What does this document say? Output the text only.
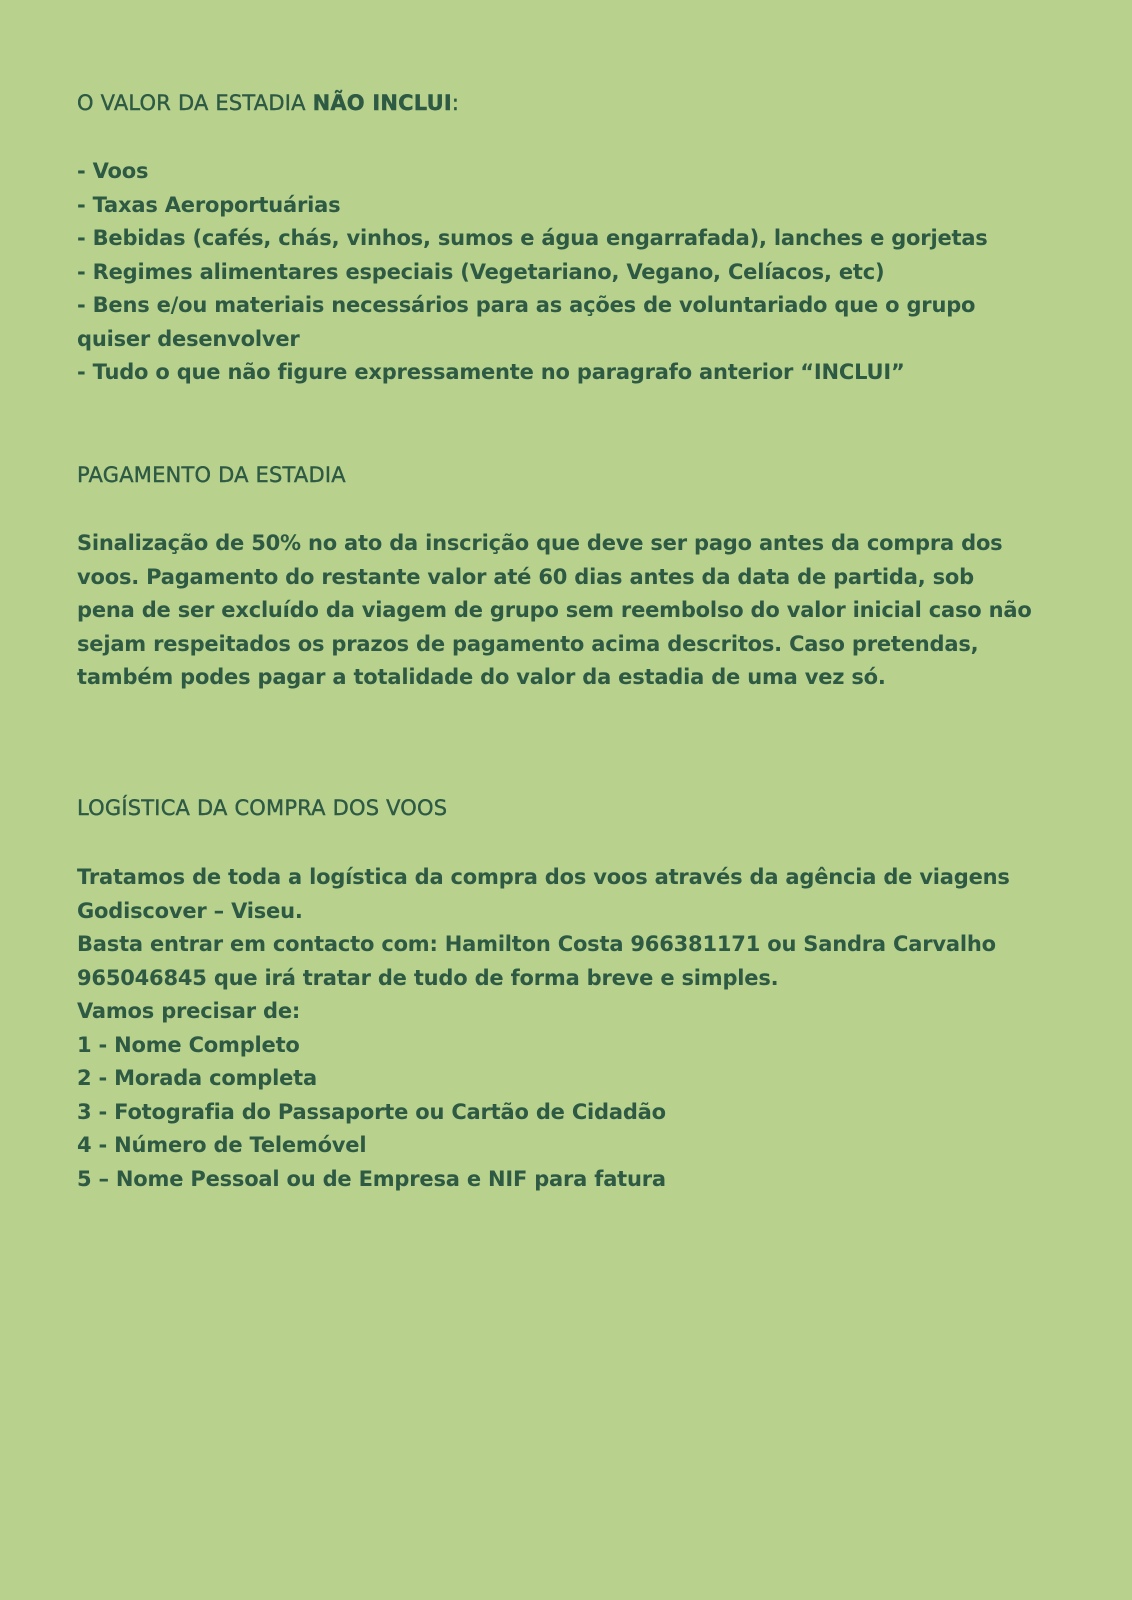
O VALOR DA ESTADIA NÃO INCLUI:
- Voos
- Taxas Aeroportuárias
- Bebidas (cafés, chás, vinhos, sumos e água engarrafada), lanches e gorjetas
- Regimes alimentares especiais (Vegetariano, Vegano, Celíacos, etc)
- Bens e/ou materiais necessários para as ações de voluntariado que o grupo
quiser desenvolver
- Tudo o que não figure expressamente no paragrafo anterior “INCLUI”
PAGAMENTO DA ESTADIA
Sinalização de 50% no ato da inscrição que deve ser pago antes da compra dos
voos. Pagamento do restante valor até 60 dias antes da data de partida, sob
pena de ser excluído da viagem de grupo sem reembolso do valor inicial caso não
sejam respeitados os prazos de pagamento acima descritos. Caso pretendas,
também podes pagar a totalidade do valor da estadia de uma vez só.
LOGÍSTICA DA COMPRA DOS VOOS
Tratamos de toda a logística da compra dos voos através da agência de viagens
Godiscover – Viseu.
Basta entrar em contacto com: Hamilton Costa 966381171 ou Sandra Carvalho
965046845 que irá tratar de tudo de forma breve e simples.
Vamos precisar de:
1 - Nome Completo
2 - Morada completa
3 - Fotografia do Passaporte ou Cartão de Cidadão
4 - Número de Telemóvel
5 – Nome Pessoal ou de Empresa e NIF para fatura
